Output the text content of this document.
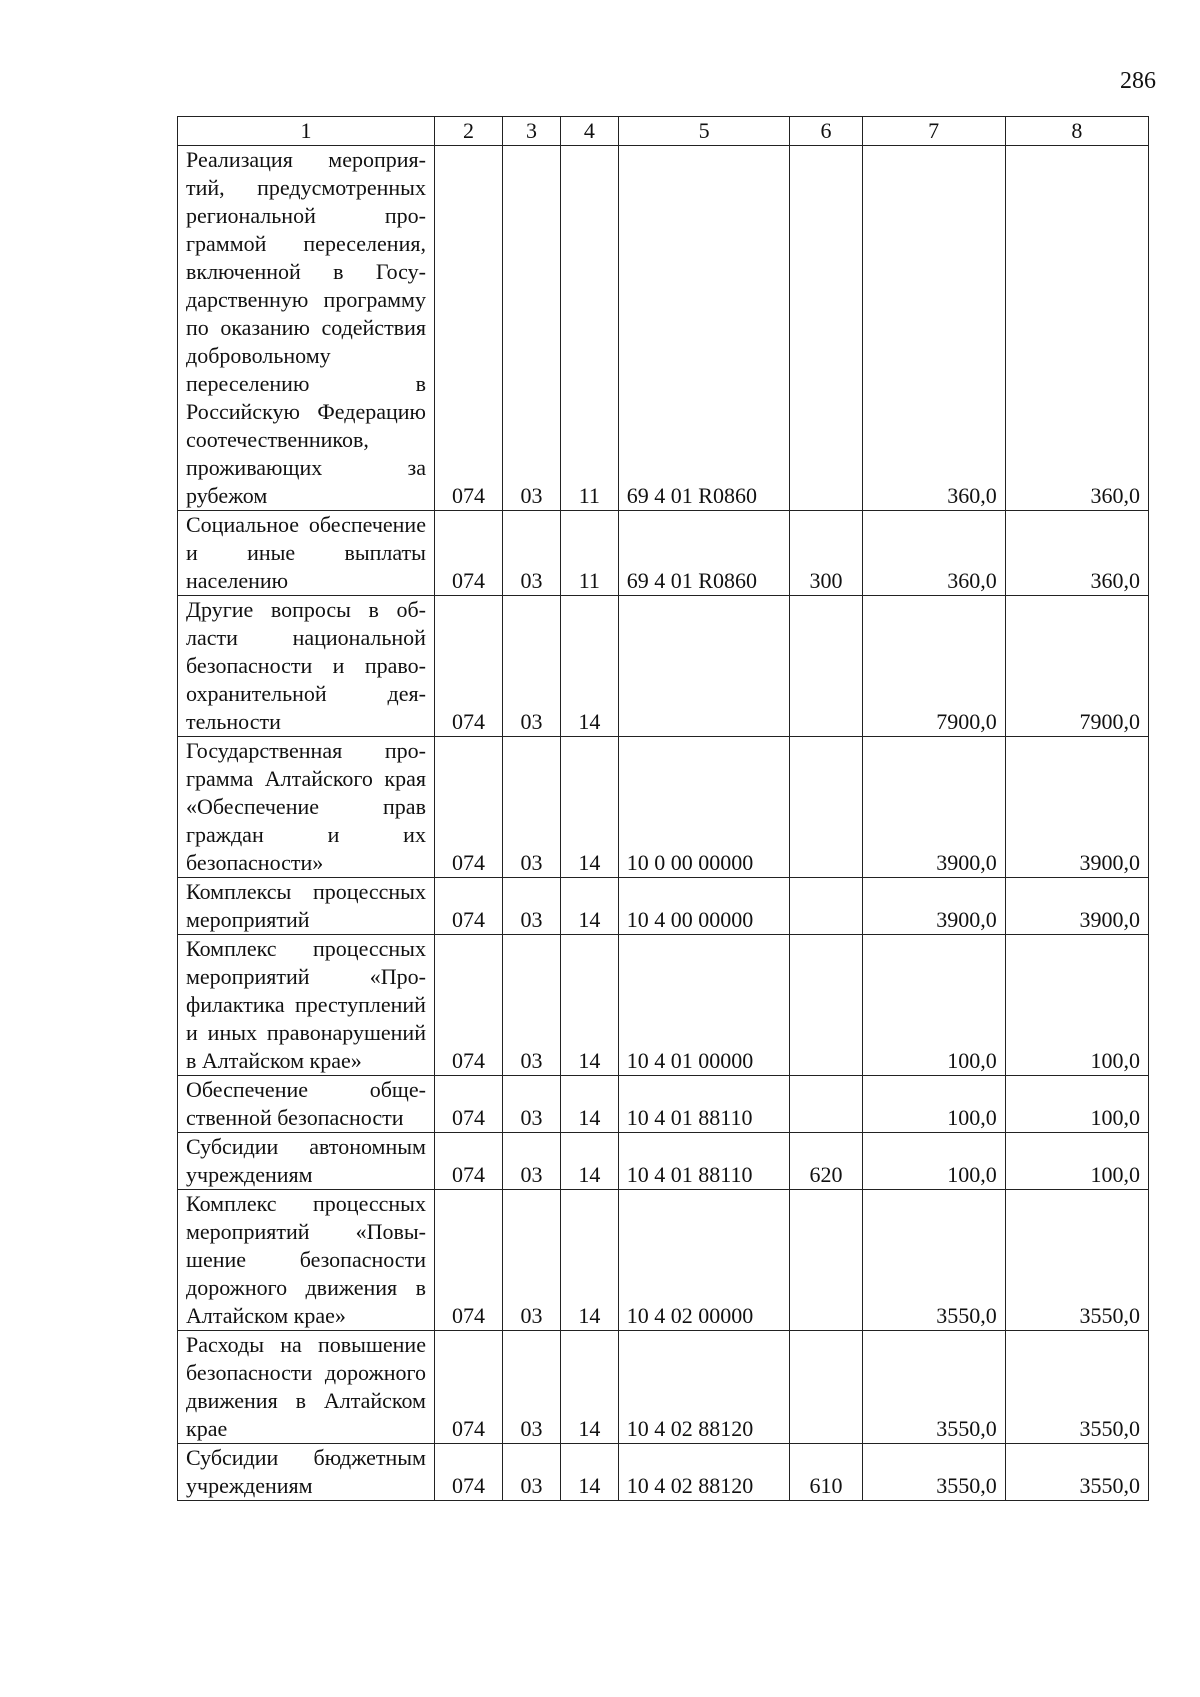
286
1	2	3	4	5	6	7	8
Реализация мероприятий, предусмотренных региональной программой переселения, включенной в Государственную программу по оказанию содействия добровольному переселению в Российскую Федерацию соотечественников, проживающих за рубежом	074	03	11	69 4 01 R0860		360,0	360,0
Социальное обеспечение и иные выплаты населению	074	03	11	69 4 01 R0860	300	360,0	360,0
Другие вопросы в области национальной безопасности и правоохранительной деятельности	074	03	14			7900,0	7900,0
Государственная программа Алтайского края «Обеспечение прав граждан и их безопасности»	074	03	14	10 0 00 00000		3900,0	3900,0
Комплексы процессных мероприятий	074	03	14	10 4 00 00000		3900,0	3900,0
Комплекс процессных мероприятий «Профилактика преступлений и иных правонарушений в Алтайском крае»	074	03	14	10 4 01 00000		100,0	100,0
Обеспечение общественной безопасности	074	03	14	10 4 01 88110		100,0	100,0
Субсидии автономным учреждениям	074	03	14	10 4 01 88110	620	100,0	100,0
Комплекс процессных мероприятий «Повышение безопасности дорожного движения в Алтайском крае»	074	03	14	10 4 02 00000		3550,0	3550,0
Расходы на повышение безопасности дорожного движения в Алтайском крае	074	03	14	10 4 02 88120		3550,0	3550,0
Субсидии бюджетным учреждениям	074	03	14	10 4 02 88120	610	3550,0	3550,0
